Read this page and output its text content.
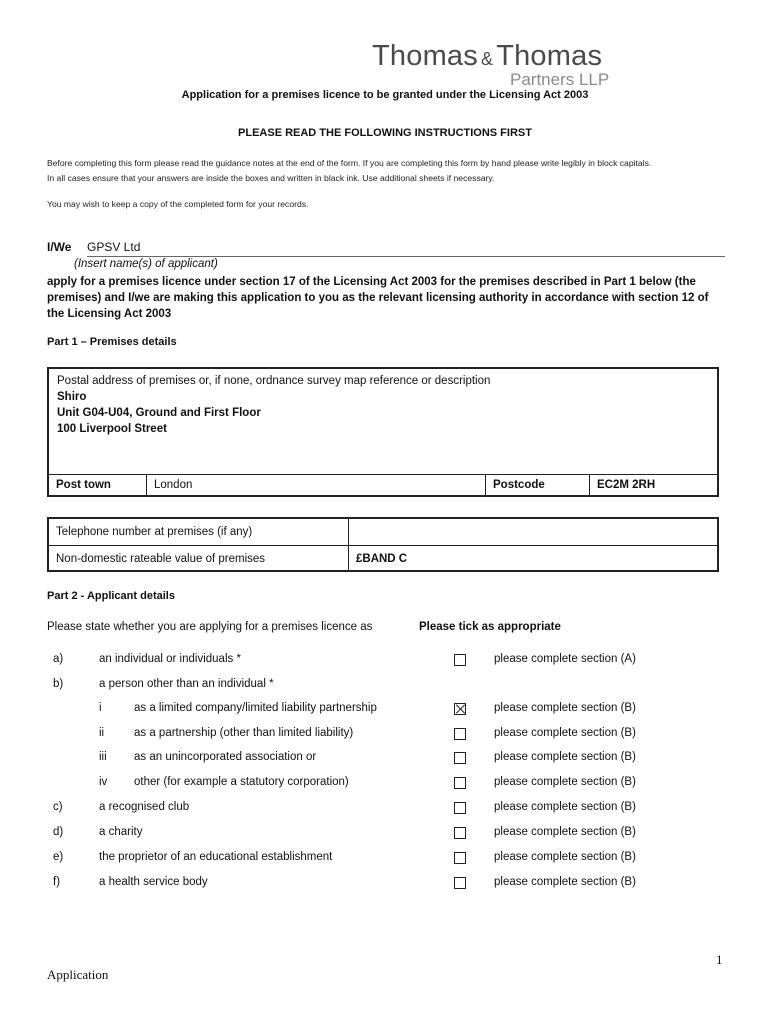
Thomas & Thomas
Partners LLP
Application for a premises licence to be granted under the Licensing Act 2003
PLEASE READ THE FOLLOWING INSTRUCTIONS FIRST
Before completing this form please read the guidance notes at the end of the form. If you are completing this form by hand please write legibly in block capitals.
In all cases ensure that your answers are inside the boxes and written in black ink. Use additional sheets if necessary.
You may wish to keep a copy of the completed form for your records.
I/We GPSV Ltd
(Insert name(s) of applicant)
apply for a premises licence under section 17 of the Licensing Act 2003 for the premises described in Part 1 below (the premises) and I/we are making this application to you as the relevant licensing authority in accordance with section 12 of the Licensing Act 2003
Part 1 – Premises details
Postal address of premises or, if none, ordnance survey map reference or description
Shiro
Unit G04-U04, Ground and First Floor
100 Liverpool Street
Post town	London	Postcode	EC2M 2RH
Telephone number at premises (if any)
Non-domestic rateable value of premises	£BAND C
Part 2 - Applicant details
Please state whether you are applying for a premises licence as	Please tick as appropriate
a)	an individual or individuals *	please complete section (A)
b)	a person other than an individual *
i	as a limited company/limited liability partnership	please complete section (B)
ii	as a partnership (other than limited liability)	please complete section (B)
iii as an unincorporated association or	please complete section (B)
iv other (for example a statutory corporation)	please complete section (B)
c)	a recognised club	please complete section (B)
d)	a charity	please complete section (B)
e)	the proprietor of an educational establishment	please complete section (B)
f)	a health service body	please complete section (B)
1
Application
